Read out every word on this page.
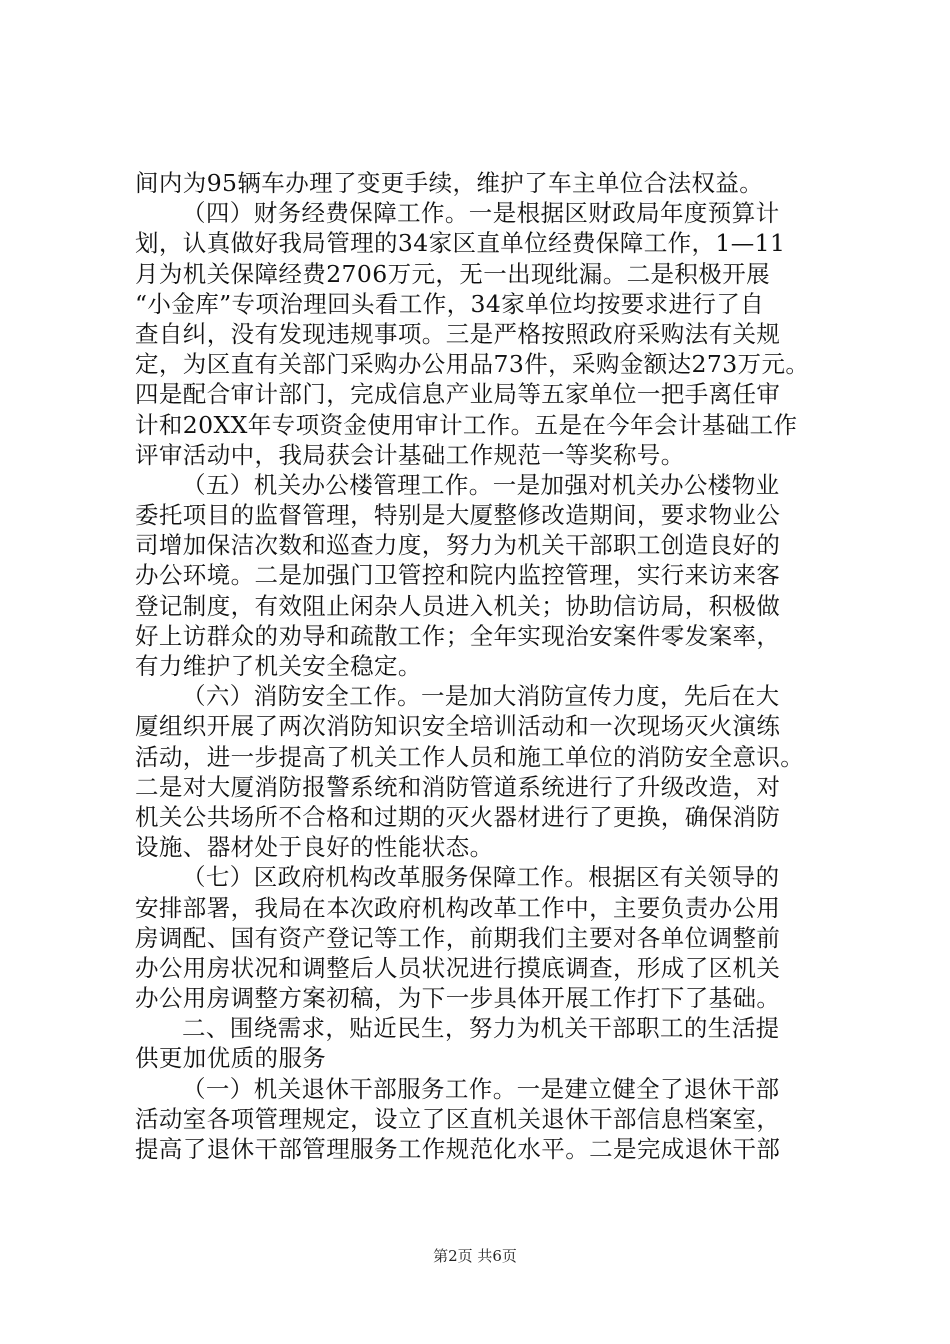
间内为95辆车办理了变更手续，维护了车主单位合法权益。
（四）财务经费保障工作。一是根据区财政局年度预算计
划，认真做好我局管理的34家区直单位经费保障工作，1—11
月为机关保障经费2706万元，无一出现纰漏。二是积极开展
“小金库”专项治理回头看工作，34家单位均按要求进行了自
查自纠，没有发现违规事项。三是严格按照政府采购法有关规
定，为区直有关部门采购办公用品73件，采购金额达273万元。
四是配合审计部门，完成信息产业局等五家单位一把手离任审
计和20XX年专项资金使用审计工作。五是在今年会计基础工作
评审活动中，我局获会计基础工作规范一等奖称号。
（五）机关办公楼管理工作。一是加强对机关办公楼物业
委托项目的监督管理，特别是大厦整修改造期间，要求物业公
司增加保洁次数和巡查力度，努力为机关干部职工创造良好的
办公环境。二是加强门卫管控和院内监控管理，实行来访来客
登记制度，有效阻止闲杂人员进入机关；协助信访局，积极做
好上访群众的劝导和疏散工作；全年实现治安案件零发案率，
有力维护了机关安全稳定。
（六）消防安全工作。一是加大消防宣传力度，先后在大
厦组织开展了两次消防知识安全培训活动和一次现场灭火演练
活动，进一步提高了机关工作人员和施工单位的消防安全意识。
二是对大厦消防报警系统和消防管道系统进行了升级改造，对
机关公共场所不合格和过期的灭火器材进行了更换，确保消防
设施、器材处于良好的性能状态。
（七）区政府机构改革服务保障工作。根据区有关领导的
安排部署，我局在本次政府机构改革工作中，主要负责办公用
房调配、国有资产登记等工作，前期我们主要对各单位调整前
办公用房状况和调整后人员状况进行摸底调查，形成了区机关
办公用房调整方案初稿，为下一步具体开展工作打下了基础。
二、围绕需求，贴近民生，努力为机关干部职工的生活提
供更加优质的服务
（一）机关退休干部服务工作。一是建立健全了退休干部
活动室各项管理规定，设立了区直机关退休干部信息档案室，
提高了退休干部管理服务工作规范化水平。二是完成退休干部
第2页 共6页
